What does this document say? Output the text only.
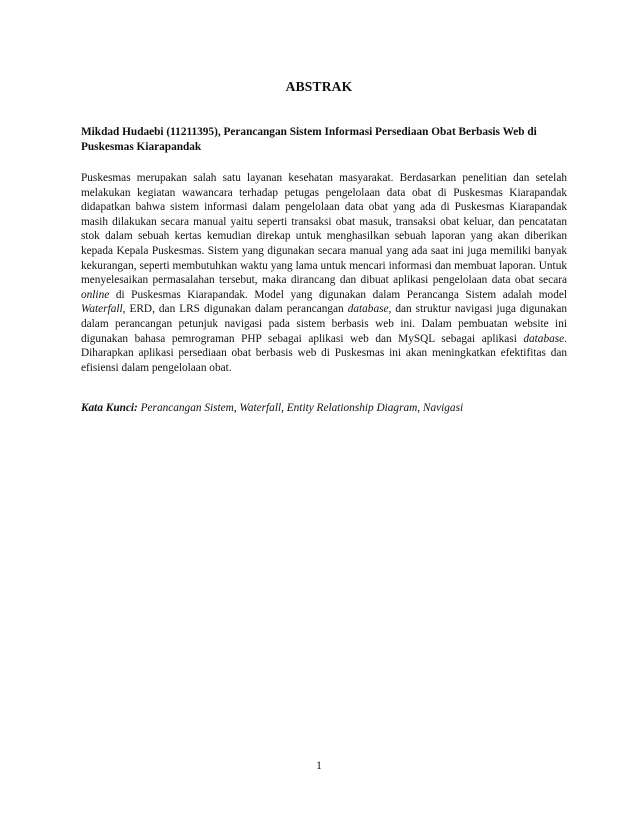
ABSTRAK
Mikdad Hudaebi (11211395), Perancangan Sistem Informasi Persediaan Obat Berbasis Web di Puskesmas Kiarapandak
Puskesmas merupakan salah satu layanan kesehatan masyarakat. Berdasarkan penelitian dan setelah melakukan kegiatan wawancara terhadap petugas pengelolaan data obat di Puskesmas Kiarapandak didapatkan bahwa sistem informasi dalam pengelolaan data obat yang ada di Puskesmas Kiarapandak masih dilakukan secara manual yaitu seperti transaksi obat masuk, transaksi obat keluar, dan pencatatan stok dalam sebuah kertas kemudian direkap untuk menghasilkan sebuah laporan yang akan diberikan kepada Kepala Puskesmas. Sistem yang digunakan secara manual yang ada saat ini juga memiliki banyak kekurangan, seperti membutuhkan waktu yang lama untuk mencari informasi dan membuat laporan. Untuk menyelesaikan permasalahan tersebut, maka dirancang dan dibuat aplikasi pengelolaan data obat secara online di Puskesmas Kiarapandak. Model yang digunakan dalam Perancanga Sistem adalah model Waterfall, ERD, dan LRS digunakan dalam perancangan database, dan struktur navigasi juga digunakan dalam perancangan petunjuk navigasi pada sistem berbasis web ini. Dalam pembuatan website ini digunakan bahasa pemrograman PHP sebagai aplikasi web dan MySQL sebagai aplikasi database. Diharapkan aplikasi persediaan obat berbasis web di Puskesmas ini akan meningkatkan efektifitas dan efisiensi dalam pengelolaan obat.
Kata Kunci: Perancangan Sistem, Waterfall, Entity Relationship Diagram, Navigasi
1
